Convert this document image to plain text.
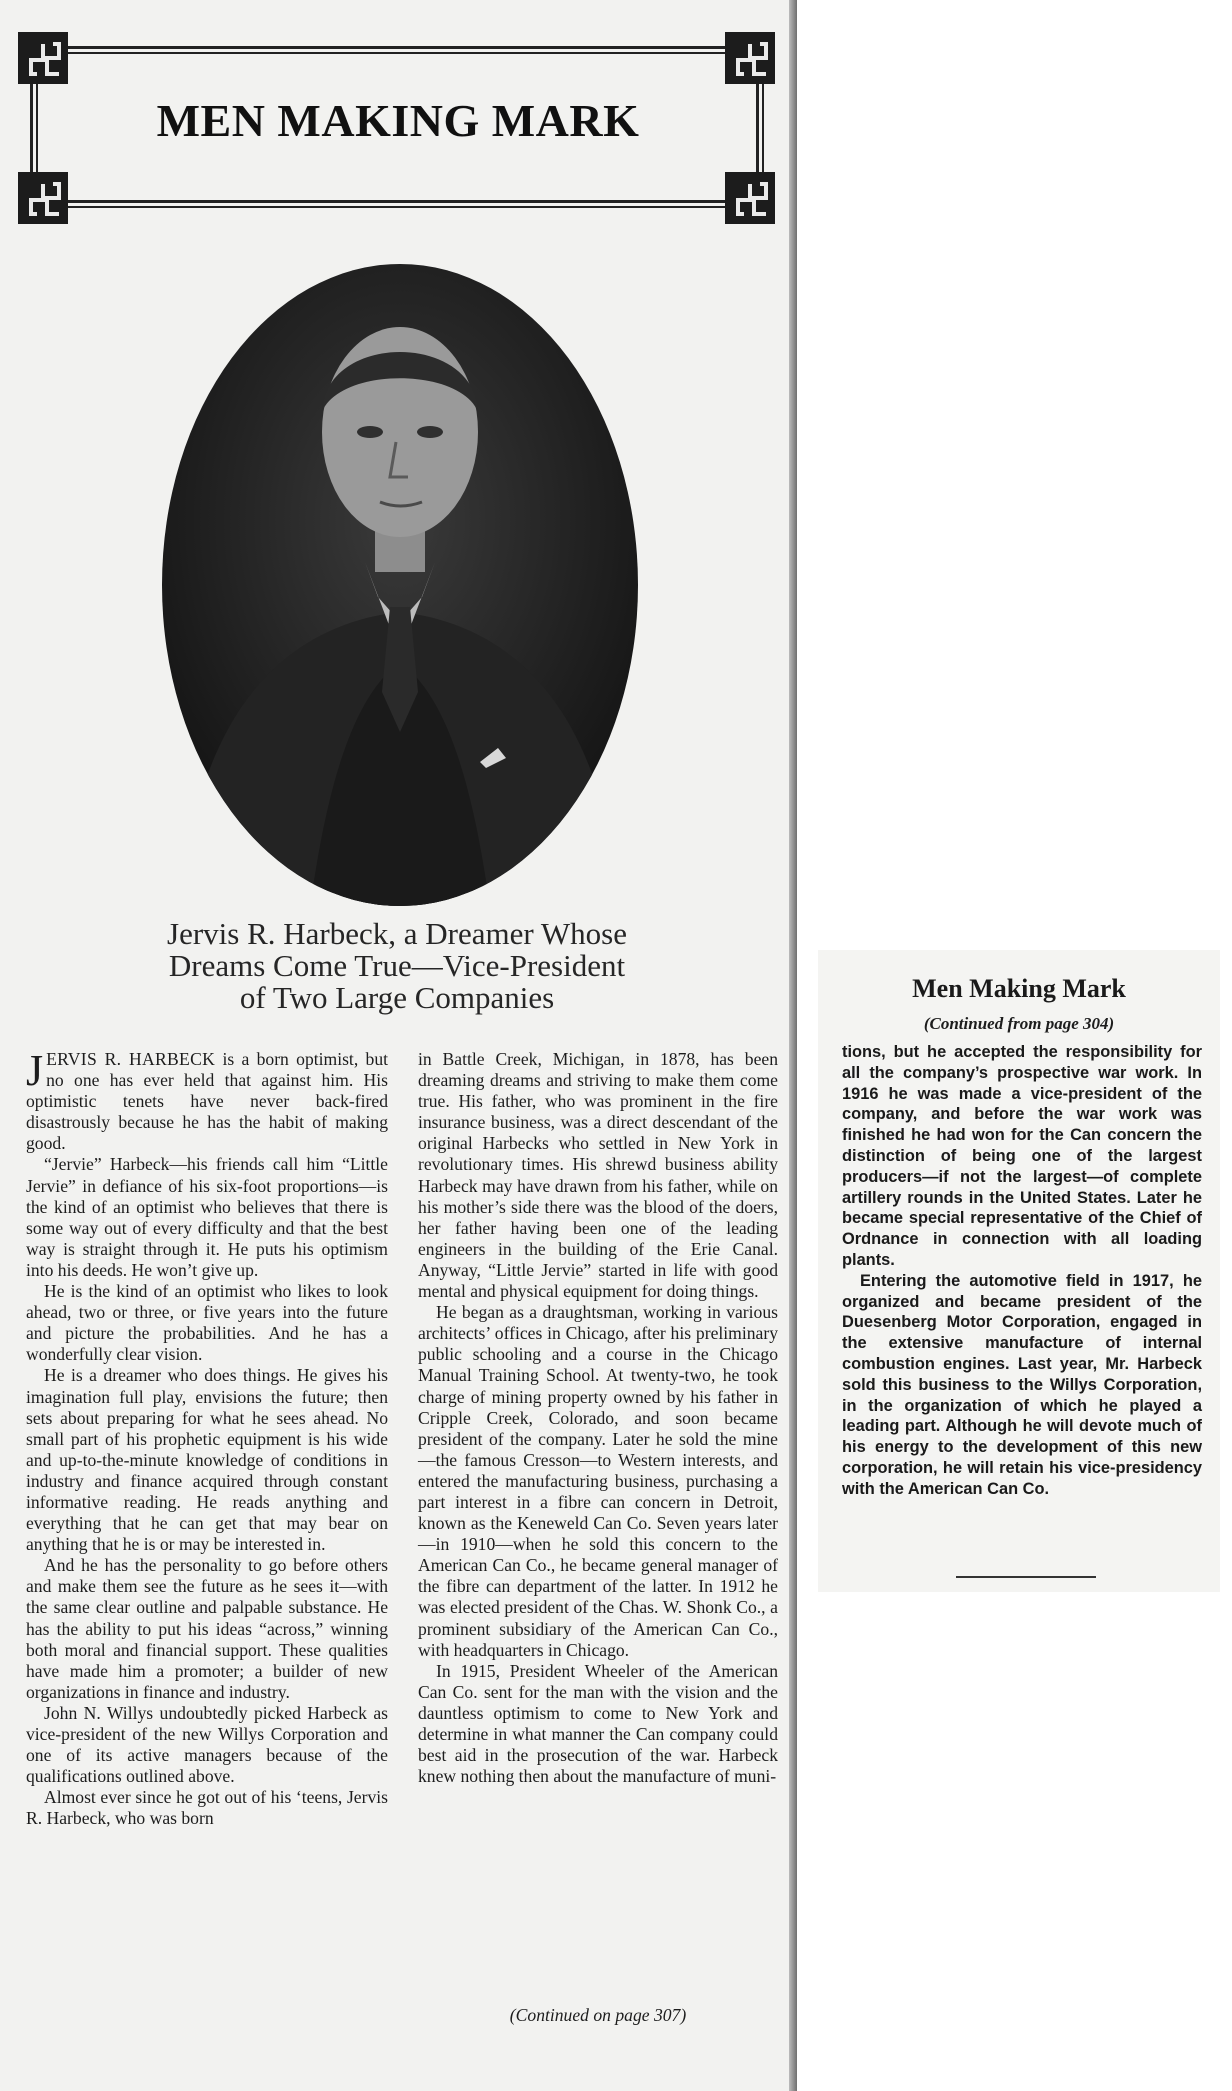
MEN MAKING MARK
Jervis R. Harbeck, a Dreamer Whose
Dreams Come True—Vice-President
of Two Large Companies

JERVIS R. HARBECK is a born optimist, but no one has ever held that against him. His optimistic tenets have never back-fired disastrously because he has the habit of making good.

“Jervie” Harbeck—his friends call him “Little Jervie” in defiance of his six-foot proportions—is the kind of an optimist who believes that there is some way out of every difficulty and that the best way is straight through it. He puts his optimism into his deeds. He won’t give up.

He is the kind of an optimist who likes to look ahead, two or three, or five years into the future and picture the probabilities. And he has a wonderfully clear vision.

He is a dreamer who does things. He gives his imagination full play, envisions the future; then sets about preparing for what he sees ahead. No small part of his prophetic equipment is his wide and up-to-the-minute knowledge of conditions in industry and finance acquired through constant informative reading. He reads anything and everything that he can get that may bear on anything that he is or may be interested in.

And he has the personality to go before others and make them see the future as he sees it—with the same clear outline and palpable substance. He has the ability to put his ideas “across,” winning both moral and financial support. These qualities have made him a promoter; a builder of new organizations in finance and industry.

John N. Willys undoubtedly picked Harbeck as vice-president of the new Willys Corporation and one of its active managers because of the qualifications outlined above.

Almost ever since he got out of his ‘teens, Jervis R. Harbeck, who was born

in Battle Creek, Michigan, in 1878, has been dreaming dreams and striving to make them come true. His father, who was prominent in the fire insurance business, was a direct descendant of the original Harbecks who settled in New York in revolutionary times. His shrewd business ability Harbeck may have drawn from his father, while on his mother’s side there was the blood of the doers, her father having been one of the leading engineers in the building of the Erie Canal. Anyway, “Little Jervie” started in life with good mental and physical equipment for doing things.

He began as a draughtsman, working in various architects’ offices in Chicago, after his preliminary public schooling and a course in the Chicago Manual Training School. At twenty-two, he took charge of mining property owned by his father in Cripple Creek, Colorado, and soon became president of the company. Later he sold the mine—the famous Cresson—to Western interests, and entered the manufacturing business, purchasing a part interest in a fibre can concern in Detroit, known as the Keneweld Can Co. Seven years later—in 1910—when he sold this concern to the American Can Co., he became general manager of the fibre can department of the latter. In 1912 he was elected president of the Chas. W. Shonk Co., a prominent subsidiary of the American Can Co., with headquarters in Chicago.

In 1915, President Wheeler of the American Can Co. sent for the man with the vision and the dauntless optimism to come to New York and determine in what manner the Can company could best aid in the prosecution of the war. Harbeck knew nothing then about the manufacture of muni-

(Continued on page 307)
Men Making Mark
(Continued from page 304)

tions, but he accepted the responsibility for all the company’s prospective war work. In 1916 he was made a vice-president of the company, and before the war work was finished he had won for the Can concern the distinction of being one of the largest producers—if not the largest—of complete artillery rounds in the United States. Later he became special representative of the Chief of Ordnance in connection with all loading plants.

Entering the automotive field in 1917, he organized and became president of the Duesenberg Motor Corporation, engaged in the extensive manufacture of internal combustion engines. Last year, Mr. Harbeck sold this business to the Willys Corporation, in the organization of which he played a leading part. Although he will devote much of his energy to the development of this new corporation, he will retain his vice-presidency with the American Can Co.
